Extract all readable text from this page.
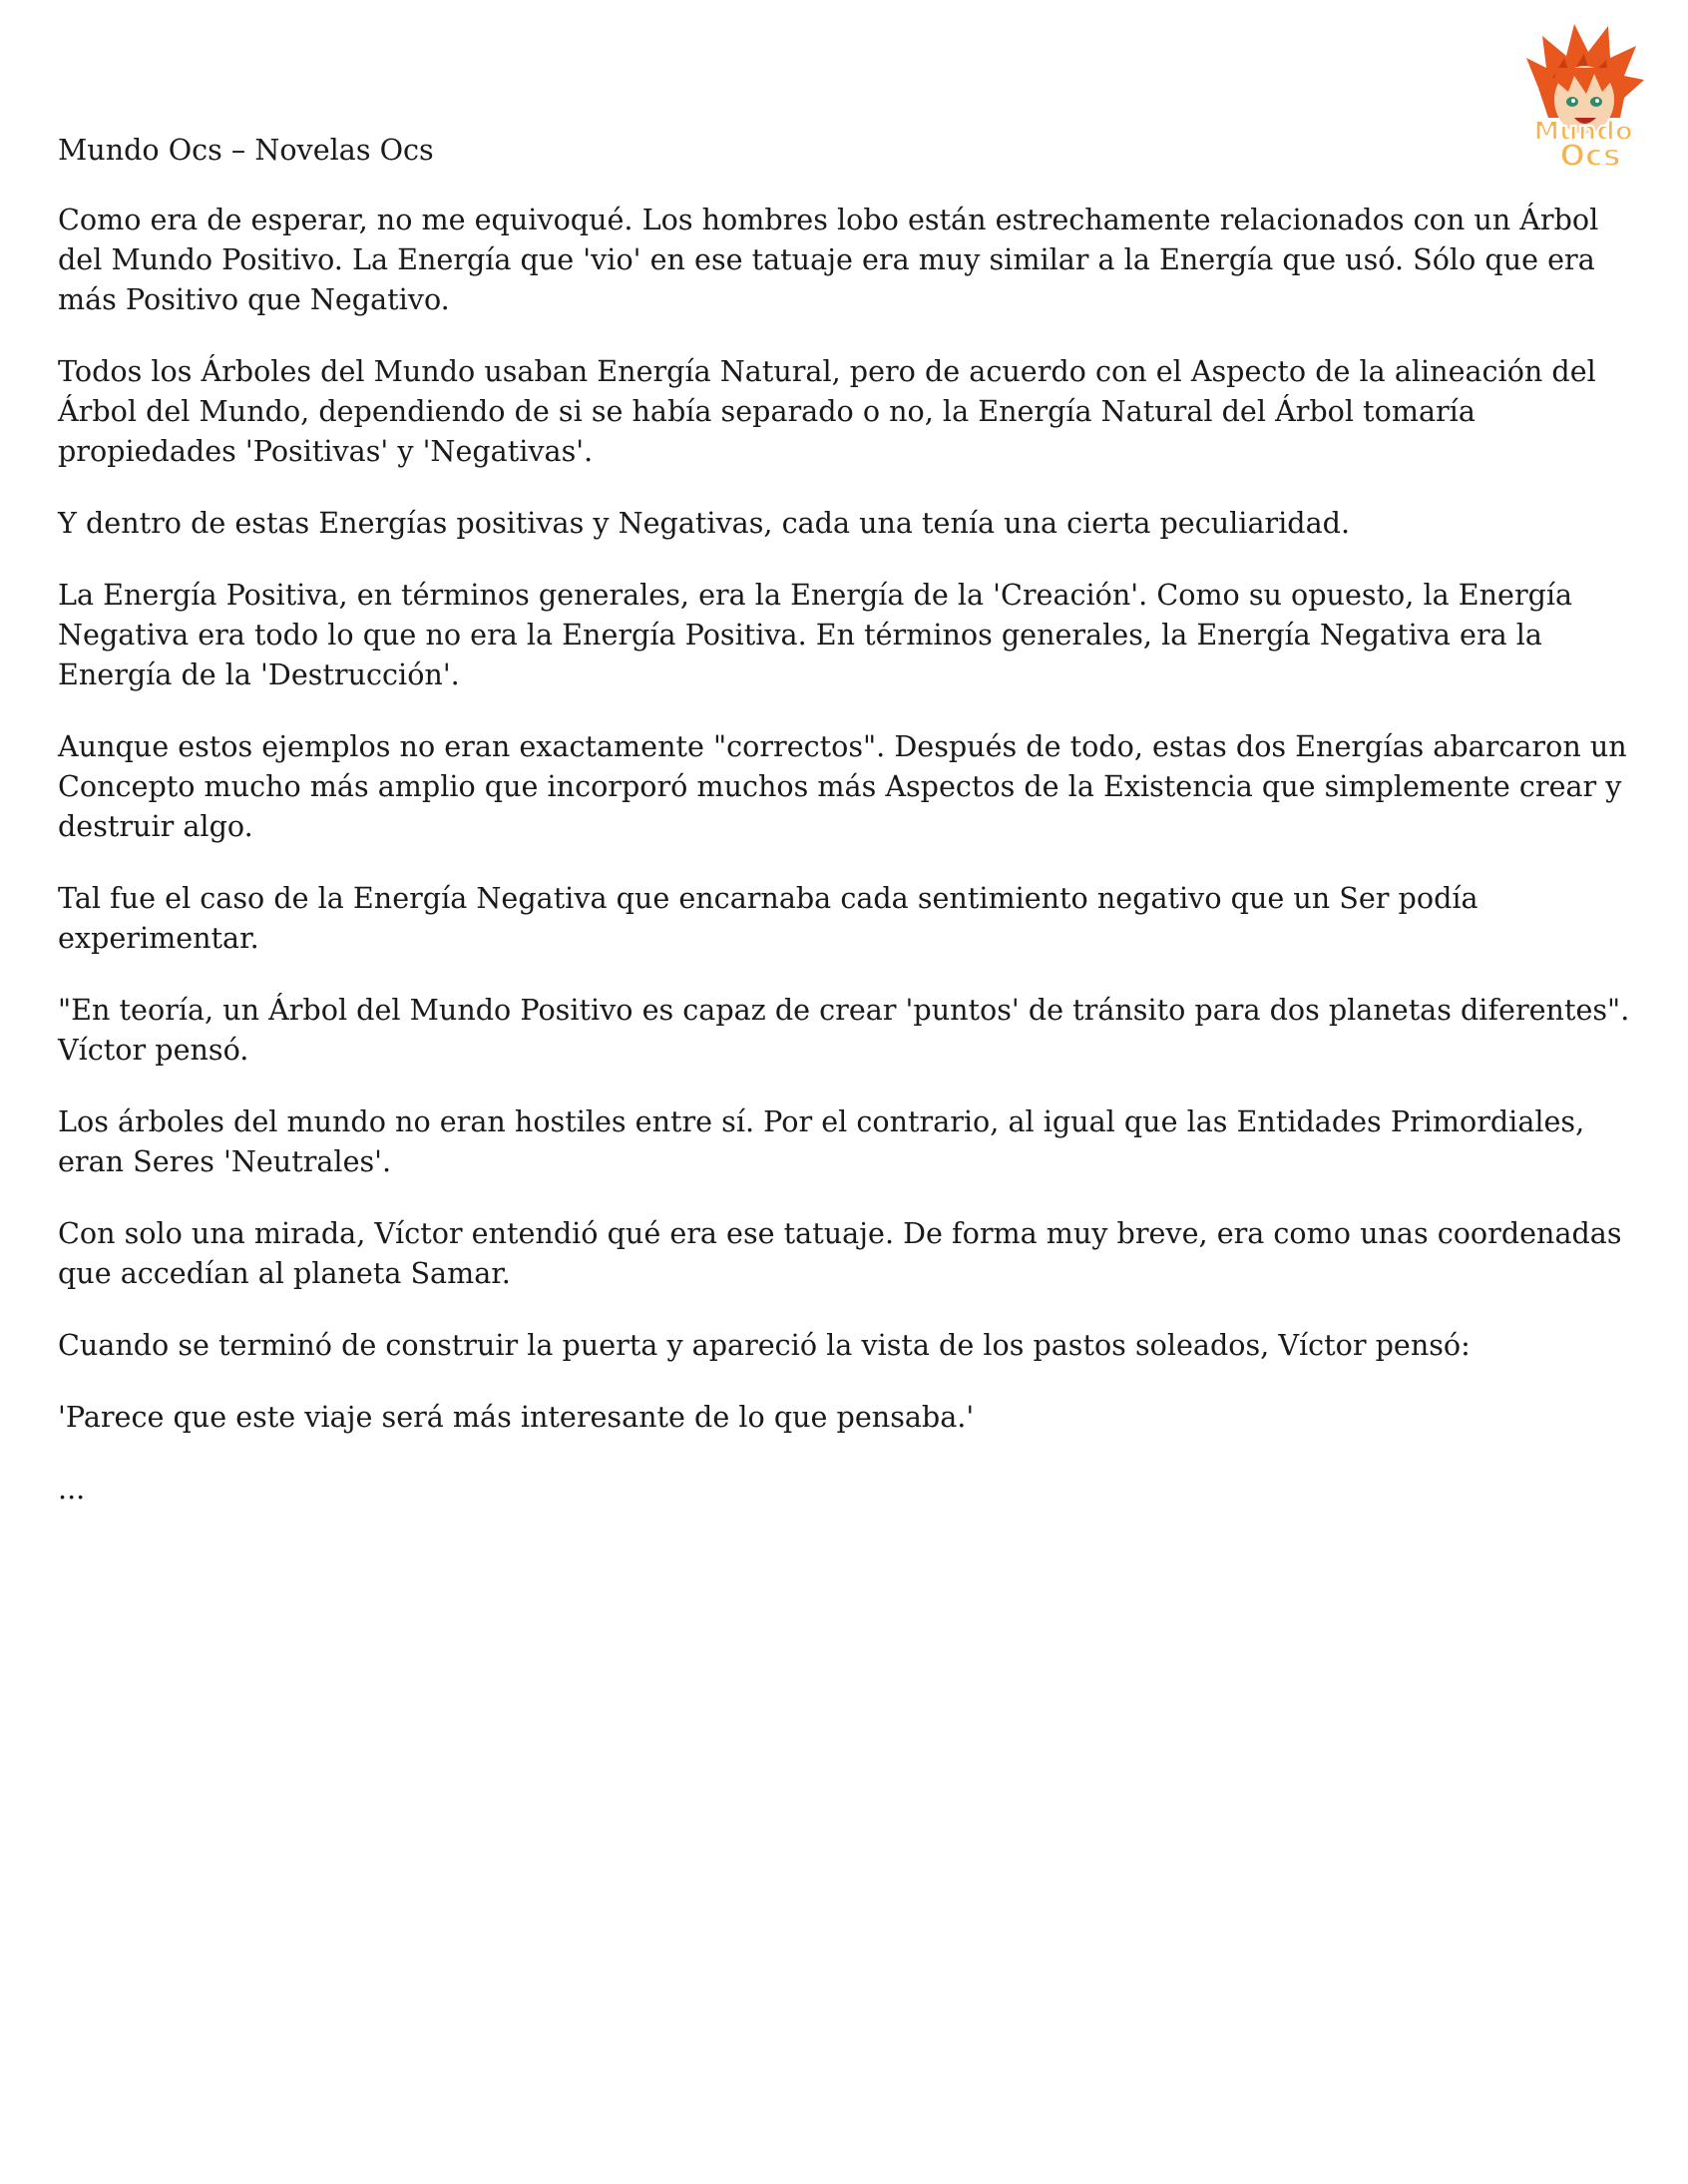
Mundo
Ocs

Mundo Ocs – Novelas Ocs

Como era de esperar, no me equivoqué. Los hombres lobo están estrechamente relacionados con un Árbol del Mundo Positivo. La Energía que 'vio' en ese tatuaje era muy similar a la Energía que usó. Sólo que era más Positivo que Negativo.

Todos los Árboles del Mundo usaban Energía Natural, pero de acuerdo con el Aspecto de la alineación del Árbol del Mundo, dependiendo de si se había separado o no, la Energía Natural del Árbol tomaría propiedades 'Positivas' y 'Negativas'.

Y dentro de estas Energías positivas y Negativas, cada una tenía una cierta peculiaridad.

La Energía Positiva, en términos generales, era la Energía de la 'Creación'. Como su opuesto, la Energía Negativa era todo lo que no era la Energía Positiva. En términos generales, la Energía Negativa era la Energía de la 'Destrucción'.

Aunque estos ejemplos no eran exactamente "correctos". Después de todo, estas dos Energías abarcaron un Concepto mucho más amplio que incorporó muchos más Aspectos de la Existencia que simplemente crear y destruir algo.

Tal fue el caso de la Energía Negativa que encarnaba cada sentimiento negativo que un Ser podía experimentar.

"En teoría, un Árbol del Mundo Positivo es capaz de crear 'puntos' de tránsito para dos planetas diferentes". Víctor pensó.

Los árboles del mundo no eran hostiles entre sí. Por el contrario, al igual que las Entidades Primordiales, eran Seres 'Neutrales'.

Con solo una mirada, Víctor entendió qué era ese tatuaje. De forma muy breve, era como unas coordenadas que accedían al planeta Samar.

Cuando se terminó de construir la puerta y apareció la vista de los pastos soleados, Víctor pensó:

'Parece que este viaje será más interesante de lo que pensaba.'

...
